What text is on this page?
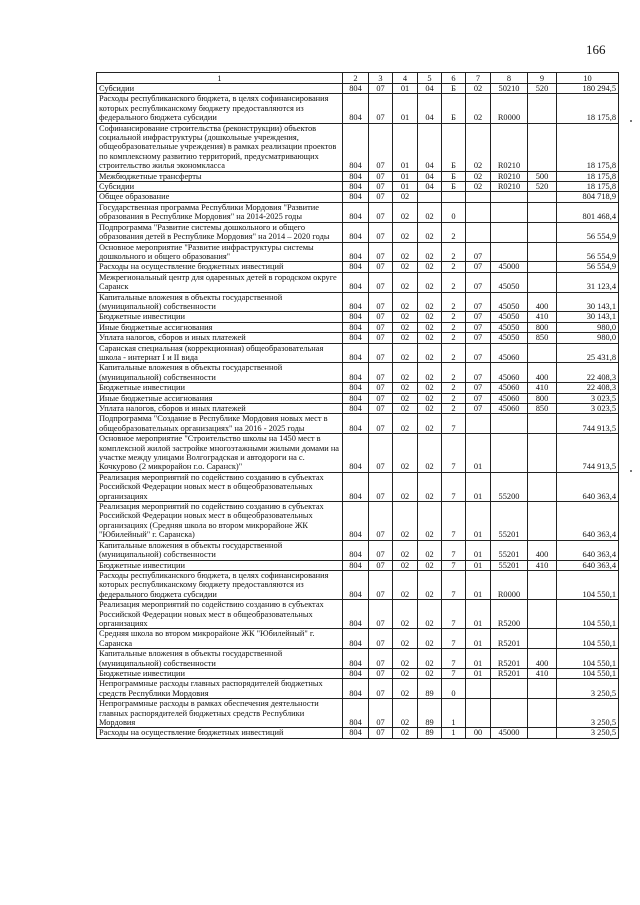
166
1	2	3	4	5	6	7	8	9	10
Субсидии	804	07	01	04	Б	02	50210	520	180 294,5
Расходы республиканского бюджета, в целях софинансирования которых республиканскому бюджету предоставляются из федерального бюджета субсидии	804	07	01	04	Б	02	R0000		18 175,8
Софинансирование строительства (реконструкции) объектов социальной инфраструктуры (дошкольные учреждения, общеобразовательные учреждения) в рамках реализации проектов по комплексному развитию территорий, предусматривающих строительство жилья экономкласса	804	07	01	04	Б	02	R0210		18 175,8
Межбюджетные трансферты	804	07	01	04	Б	02	R0210	500	18 175,8
Субсидии	804	07	01	04	Б	02	R0210	520	18 175,8
Общее образование	804	07	02						804 718,9
Государственная программа Республики Мордовия "Развитие образования в Республике Мордовия" на 2014-2025 годы	804	07	02	02	0				801 468,4
Подпрограмма "Развитие системы дошкольного и общего образования детей в Республике Мордовия" на 2014 – 2020 годы	804	07	02	02	2				56 554,9
Основное мероприятие "Развитие инфраструктуры системы дошкольного и общего образования"	804	07	02	02	2	07			56 554,9
Расходы на осуществление бюджетных инвестиций	804	07	02	02	2	07	45000		56 554,9
Межрегиональный центр для одаренных детей в городском округе Саранск	804	07	02	02	2	07	45050		31 123,4
Капитальные вложения в объекты государственной (муниципальной) собственности	804	07	02	02	2	07	45050	400	30 143,1
Бюджетные инвестиции	804	07	02	02	2	07	45050	410	30 143,1
Иные бюджетные ассигнования	804	07	02	02	2	07	45050	800	980,0
Уплата налогов, сборов и иных платежей	804	07	02	02	2	07	45050	850	980,0
Саранская специальная (коррекционная) общеобразовательная школа - интернат I и II вида	804	07	02	02	2	07	45060		25 431,8
Капитальные вложения в объекты государственной (муниципальной) собственности	804	07	02	02	2	07	45060	400	22 408,3
Бюджетные инвестиции	804	07	02	02	2	07	45060	410	22 408,3
Иные бюджетные ассигнования	804	07	02	02	2	07	45060	800	3 023,5
Уплата налогов, сборов и иных платежей	804	07	02	02	2	07	45060	850	3 023,5
Подпрограмма "Создание в Республике Мордовия новых мест в общеобразовательных организациях" на 2016 - 2025 годы	804	07	02	02	7				744 913,5
Основное мероприятие "Строительство школы на 1450 мест в комплексной жилой застройке многоэтажными жилыми домами на участке между улицами Волгоградская и автодороги на с. Кочкурово (2 микрорайон г.о. Саранск)"	804	07	02	02	7	01			744 913,5
Реализация мероприятий по содействию созданию в субъектах Российской Федерации новых мест в общеобразовательных организациях	804	07	02	02	7	01	55200		640 363,4
Реализация мероприятий по содействию созданию в субъектах Российской Федерации новых мест в общеобразовательных организациях (Средняя школа во втором микрорайоне ЖК "Юбилейный" г. Саранска)	804	07	02	02	7	01	55201		640 363,4
Капитальные вложения в объекты государственной (муниципальной) собственности	804	07	02	02	7	01	55201	400	640 363,4
Бюджетные инвестиции	804	07	02	02	7	01	55201	410	640 363,4
Расходы республиканского бюджета, в целях софинансирования которых республиканскому бюджету предоставляются из федерального бюджета субсидии	804	07	02	02	7	01	R0000		104 550,1
Реализация мероприятий по содействию созданию в субъектах Российской Федерации новых мест в общеобразовательных организациях	804	07	02	02	7	01	R5200		104 550,1
Средняя школа во втором микрорайоне ЖК "Юбилейный" г. Саранска	804	07	02	02	7	01	R5201		104 550,1
Капитальные вложения в объекты государственной (муниципальной) собственности	804	07	02	02	7	01	R5201	400	104 550,1
Бюджетные инвестиции	804	07	02	02	7	01	R5201	410	104 550,1
Непрограммные расходы главных распорядителей бюджетных средств Республики Мордовия	804	07	02	89	0				3 250,5
Непрограммные расходы в рамках обеспечения деятельности главных распорядителей бюджетных средств Республики Мордовия	804	07	02	89	1				3 250,5
Расходы на осуществление бюджетных инвестиций	804	07	02	89	1	00	45000		3 250,5
